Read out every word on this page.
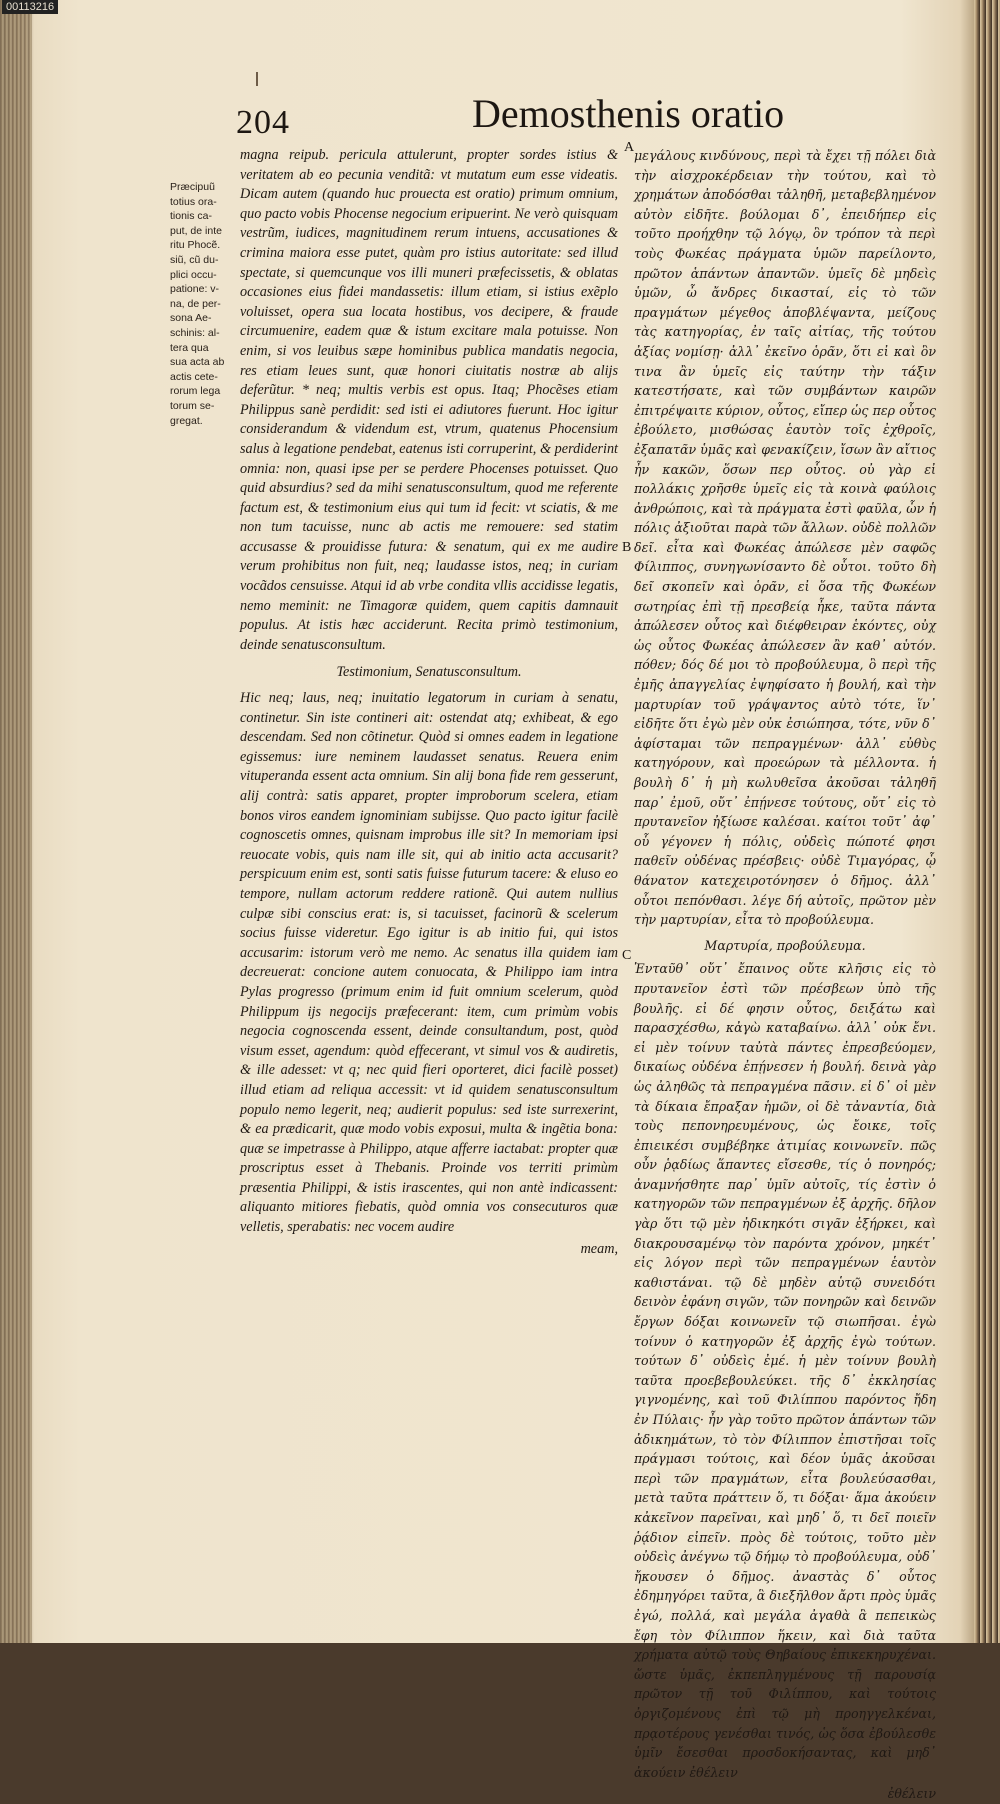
00113216
204	Demosthenis oratio
A
B
C
Præcipuũ
totius ora-
tionis ca-
put, de inte
ritu Phocẽ.
siũ, cũ du-
plici occu-
patione: v-
na, de per-
sona Ae-
schinis: al-
tera qua
sua acta ab
actis cete-
rorum lega
torum se-
gregat.

magna reipub. pericula attulerunt, propter sordes istius & veritatem ab eo pecunia venditã: vt mutatum eum esse videatis. Dicam autem (quando huc prouecta est oratio) primum omnium, quo pacto vobis Phocense negocium eripuerint. Ne verò quisquam vestrũm, iudices, magnitudinem rerum intuens, accusationes & crimina maiora esse putet, quàm pro istius autoritate: sed illud spectate, si quemcunque vos illi muneri præfecissetis, & oblatas occasiones eius fidei mandassetis: illum etiam, si istius exẽplo voluisset, opera sua locata hostibus, vos decipere, & fraude circumuenire, eadem quæ & istum excitare mala potuisse. Non enim, si vos leuibus sæpe hominibus publica mandatis negocia, res etiam leues sunt, quæ honori ciuitatis nostræ ab alijs deferũtur. * neq; multis verbis est opus. Itaq; Phocẽses etiam Philippus sanè perdidit: sed isti ei adiutores fuerunt. Hoc igitur considerandum & videndum est, vtrum, quatenus Phocensium salus à legatione pendebat, eatenus isti corruperint, & perdiderint omnia: non, quasi ipse per se perdere Phocenses potuisset. Quo quid absurdius? sed da mihi senatusconsultum, quod me referente factum est, & testimonium eius qui tum id fecit: vt sciatis, & me non tum tacuisse, nunc ab actis me remouere: sed statim accusasse & prouidisse futura: & senatum, qui ex me audire verum prohibitus non fuit, neq; laudasse istos, neq; in curiam vocãdos censuisse. Atqui id ab vrbe condita vllis accidisse legatis, nemo meminit: ne Timagoræ quidem, quem capitis damnauit populus. At istis hæc acciderunt. Recita primò testimonium, deinde senatusconsultum.

Testimonium, Senatusconsultum.

Hic neq; laus, neq; inuitatio legatorum in curiam à senatu, continetur. Sin iste contineri ait: ostendat atq; exhibeat, & ego descendam. Sed non cõtinetur. Quòd si omnes eadem in legatione egissemus: iure neminem laudasset senatus. Reuera enim vituperanda essent acta omnium. Sin alij bona fide rem gesserunt, alij contrà: satis apparet, propter improborum scelera, etiam bonos viros eandem ignominiam subijsse. Quo pacto igitur facilè cognoscetis omnes, quisnam improbus ille sit? In memoriam ipsi reuocate vobis, quis nam ille sit, qui ab initio acta accusarit? perspicuum enim est, sonti satis fuisse futurum tacere: & eluso eo tempore, nullam actorum reddere rationẽ. Qui autem nullius culpæ sibi conscius erat: is, si tacuisset, facinorũ & scelerum socius fuisse videretur. Ego igitur is ab initio fui, qui istos accusarim: istorum verò me nemo. Ac senatus illa quidem iam decreuerat: concione autem conuocata, & Philippo iam intra Pylas progresso (primum enim id fuit omnium scelerum, quòd Philippum ijs negocijs præfecerant: item, cum primùm vobis negocia cognoscenda essent, deinde consultandum, post, quòd visum esset, agendum: quòd effecerant, vt simul vos & audiretis, & ille adesset: vt q; nec quid fieri oporteret, dici facilè posset) illud etiam ad reliqua accessit: vt id quidem senatusconsultum populo nemo legerit, neq; audierit populus: sed iste surrexerint, & ea prædicarit, quæ modo vobis exposui, multa & ingẽtia bona: quæ se impetrasse à Philippo, atque afferre iactabat: propter quæ proscriptus esset à Thebanis. Proinde vos territi primùm præsentia Philippi, & istis irascentes, qui non antè indicassent: aliquanto mitiores fiebatis, quòd omnia vos consecuturos quæ velletis, sperabatis: nec vocem audire

meam,

μεγάλους κινδύνους, περὶ τὰ ἔχει τῇ πόλει διὰ τὴν αἰσχροκέρδειαν τὴν τούτου, καὶ τὸ χρημάτων ἀποδόσθαι τἀληθῆ, μεταβεβλημένον αὐτὸν εἰδῆτε. βούλομαι δ᾽, ἐπειδήπερ εἰς τοῦτο προήχθην τῷ λόγῳ, ὃν τρόπον τὰ περὶ τοὺς Φωκέας πράγματα ὑμῶν παρείλοντο, πρῶτον ἁπάντων ἀπαντῶν. ὑμεῖς δὲ μηδεὶς ὑμῶν, ὦ ἄνδρες δικασταί, εἰς τὸ τῶν πραγμάτων μέγεθος ἀποβλέψαντα, μείζους τὰς κατηγορίας, ἐν ταῖς αἰτίας, τῆς τούτου ἀξίας νομίσῃ· ἀλλ᾽ ἐκεῖνο ὁρᾶν, ὅτι εἰ καὶ ὃν τινα ἂν ὑμεῖς εἰς ταύτην τὴν τάξιν κατεστήσατε, καὶ τῶν συμβάντων καιρῶν ἐπιτρέψαιτε κύριον, οὗτος, εἴπερ ὡς περ οὗτος ἐβούλετο, μισθώσας ἑαυτὸν τοῖς ἐχθροῖς, ἐξαπατᾶν ὑμᾶς καὶ φενακίζειν, ἴσων ἂν αἴτιος ἦν κακῶν, ὅσων περ οὗτος. οὐ γὰρ εἰ πολλάκις χρῆσθε ὑμεῖς εἰς τὰ κοινὰ φαύλοις ἀνθρώποις, καὶ τὰ πράγματα ἐστὶ φαῦλα, ὧν ἡ πόλις ἀξιοῦται παρὰ τῶν ἄλλων. οὐδὲ πολλῶν δεῖ. εἶτα καὶ Φωκέας ἀπώλεσε μὲν σαφῶς Φίλιππος, συνηγωνίσαντο δὲ οὗτοι. τοῦτο δὴ δεῖ σκοπεῖν καὶ ὁρᾶν, εἰ ὅσα τῆς Φωκέων σωτηρίας ἐπὶ τῇ πρεσβείᾳ ἦκε, ταῦτα πάντα ἀπώλεσεν οὗτος καὶ διέφθειραν ἑκόντες, οὐχ ὡς οὗτος Φωκέας ἀπώλεσεν ἂν καθ᾽ αὑτόν. πόθεν; δός δέ μοι τὸ προβούλευμα, ὃ περὶ τῆς ἐμῆς ἀπαγγελίας ἐψηφίσατο ἡ βουλή, καὶ τὴν μαρτυρίαν τοῦ γράψαντος αὐτὸ τότε, ἵν᾽ εἰδῆτε ὅτι ἐγὼ μὲν οὐκ ἐσιώπησα, τότε, νῦν δ᾽ ἀφίσταμαι τῶν πεπραγμένων· ἀλλ᾽ εὐθὺς κατηγόρουν, καὶ προεώρων τὰ μέλλοντα. ἡ βουλὴ δ᾽ ἡ μὴ κωλυθεῖσα ἀκοῦσαι τἀληθῆ παρ᾽ ἐμοῦ, οὔτ᾽ ἐπῄνεσε τούτους, οὔτ᾽ εἰς τὸ πρυτανεῖον ἠξίωσε καλέσαι. καίτοι τοῦτ᾽ ἀφ᾽ οὗ γέγονεν ἡ πόλις, οὐδεὶς πώποτέ φησι παθεῖν οὐδένας πρέσβεις· οὐδὲ Τιμαγόρας, ᾧ θάνατον κατεχειροτόνησεν ὁ δῆμος. ἀλλ᾽ οὗτοι πεπόνθασι. λέγε δή αὐτοῖς, πρῶτον μὲν τὴν μαρτυρίαν, εἶτα τὸ προβούλευμα.

Μαρτυρία, προβούλευμα.

Ἐνταῦθ᾽ οὔτ᾽ ἔπαινος οὔτε κλῆσις εἰς τὸ πρυτανεῖον ἐστὶ τῶν πρέσβεων ὑπὸ τῆς βουλῆς. εἰ δέ φησιν οὗτος, δειξάτω καὶ παρασχέσθω, κἀγὼ καταβαίνω. ἀλλ᾽ οὐκ ἔνι. εἰ μὲν τοίνυν ταὐτὰ πάντες ἐπρεσβεύομεν, δικαίως οὐδένα ἐπῄνεσεν ἡ βουλή. δεινὰ γὰρ ὡς ἀληθῶς τὰ πεπραγμένα πᾶσιν. εἰ δ᾽ οἱ μὲν τὰ δίκαια ἔπραξαν ἡμῶν, οἱ δὲ τἀναντία, διὰ τοὺς πεπονηρευμένους, ὡς ἔοικε, τοῖς ἐπιεικέσι συμβέβηκε ἀτιμίας κοινωνεῖν. πῶς οὖν ῥᾳδίως ἅπαντες εἴσεσθε, τίς ὁ πονηρός; ἀναμνήσθητε παρ᾽ ὑμῖν αὐτοῖς, τίς ἐστὶν ὁ κατηγορῶν τῶν πεπραγμένων ἐξ ἀρχῆς. δῆλον γὰρ ὅτι τῷ μὲν ἠδικηκότι σιγᾶν ἐξήρκει, καὶ διακρουσαμένῳ τὸν παρόντα χρόνον, μηκέτ᾽ εἰς λόγον περὶ τῶν πεπραγμένων ἑαυτὸν καθιστάναι. τῷ δὲ μηδὲν αὑτῷ συνειδότι δεινὸν ἐφάνη σιγῶν, τῶν πονηρῶν καὶ δεινῶν ἔργων δόξαι κοινωνεῖν τῷ σιωπῆσαι. ἐγὼ τοίνυν ὁ κατηγορῶν ἐξ ἀρχῆς ἐγὼ τούτων. τούτων δ᾽ οὐδεὶς ἐμέ. ἡ μὲν τοίνυν βουλὴ ταῦτα προεβεβουλεύκει. τῆς δ᾽ ἐκκλησίας γιγνομένης, καὶ τοῦ Φιλίππου παρόντος ἤδη ἐν Πύλαις· ἦν γὰρ τοῦτο πρῶτον ἁπάντων τῶν ἀδικημάτων, τὸ τὸν Φίλιππον ἐπιστῆσαι τοῖς πράγμασι τούτοις, καὶ δέον ὑμᾶς ἀκοῦσαι περὶ τῶν πραγμάτων, εἶτα βουλεύσασθαι, μετὰ ταῦτα πράττειν ὅ, τι δόξαι· ἅμα ἀκούειν κἀκεῖνον παρεῖναι, καὶ μηδ᾽ ὅ, τι δεῖ ποιεῖν ῥᾴδιον εἰπεῖν. πρὸς δὲ τούτοις, τοῦτο μὲν οὐδεὶς ἀνέγνω τῷ δήμῳ τὸ προβούλευμα, οὐδ᾽ ἤκουσεν ὁ δῆμος. ἀναστὰς δ᾽ οὗτος ἐδημηγόρει ταῦτα, ἃ διεξῆλθον ἄρτι πρὸς ὑμᾶς ἐγώ, πολλά, καὶ μεγάλα ἀγαθὰ ἃ πεπεικὼς ἔφη τὸν Φίλιππον ἥκειν, καὶ διὰ ταῦτα χρήματα αὐτῷ τοὺς Θηβαίους ἐπικεκηρυχέναι. ὥστε ὑμᾶς, ἐκπεπληγμένους τῇ παρουσίᾳ πρῶτον τῇ τοῦ Φιλίππου, καὶ τούτοις ὀργιζομένους ἐπὶ τῷ μὴ προηγγελκέναι, πρᾳοτέρους γενέσθαι τινός, ὡς ὅσα ἐβούλεσθε ὑμῖν ἔσεσθαι προσδοκήσαντας, καὶ μηδ᾽ ἀκούειν ἐθέλειν

ἐθέλειν
